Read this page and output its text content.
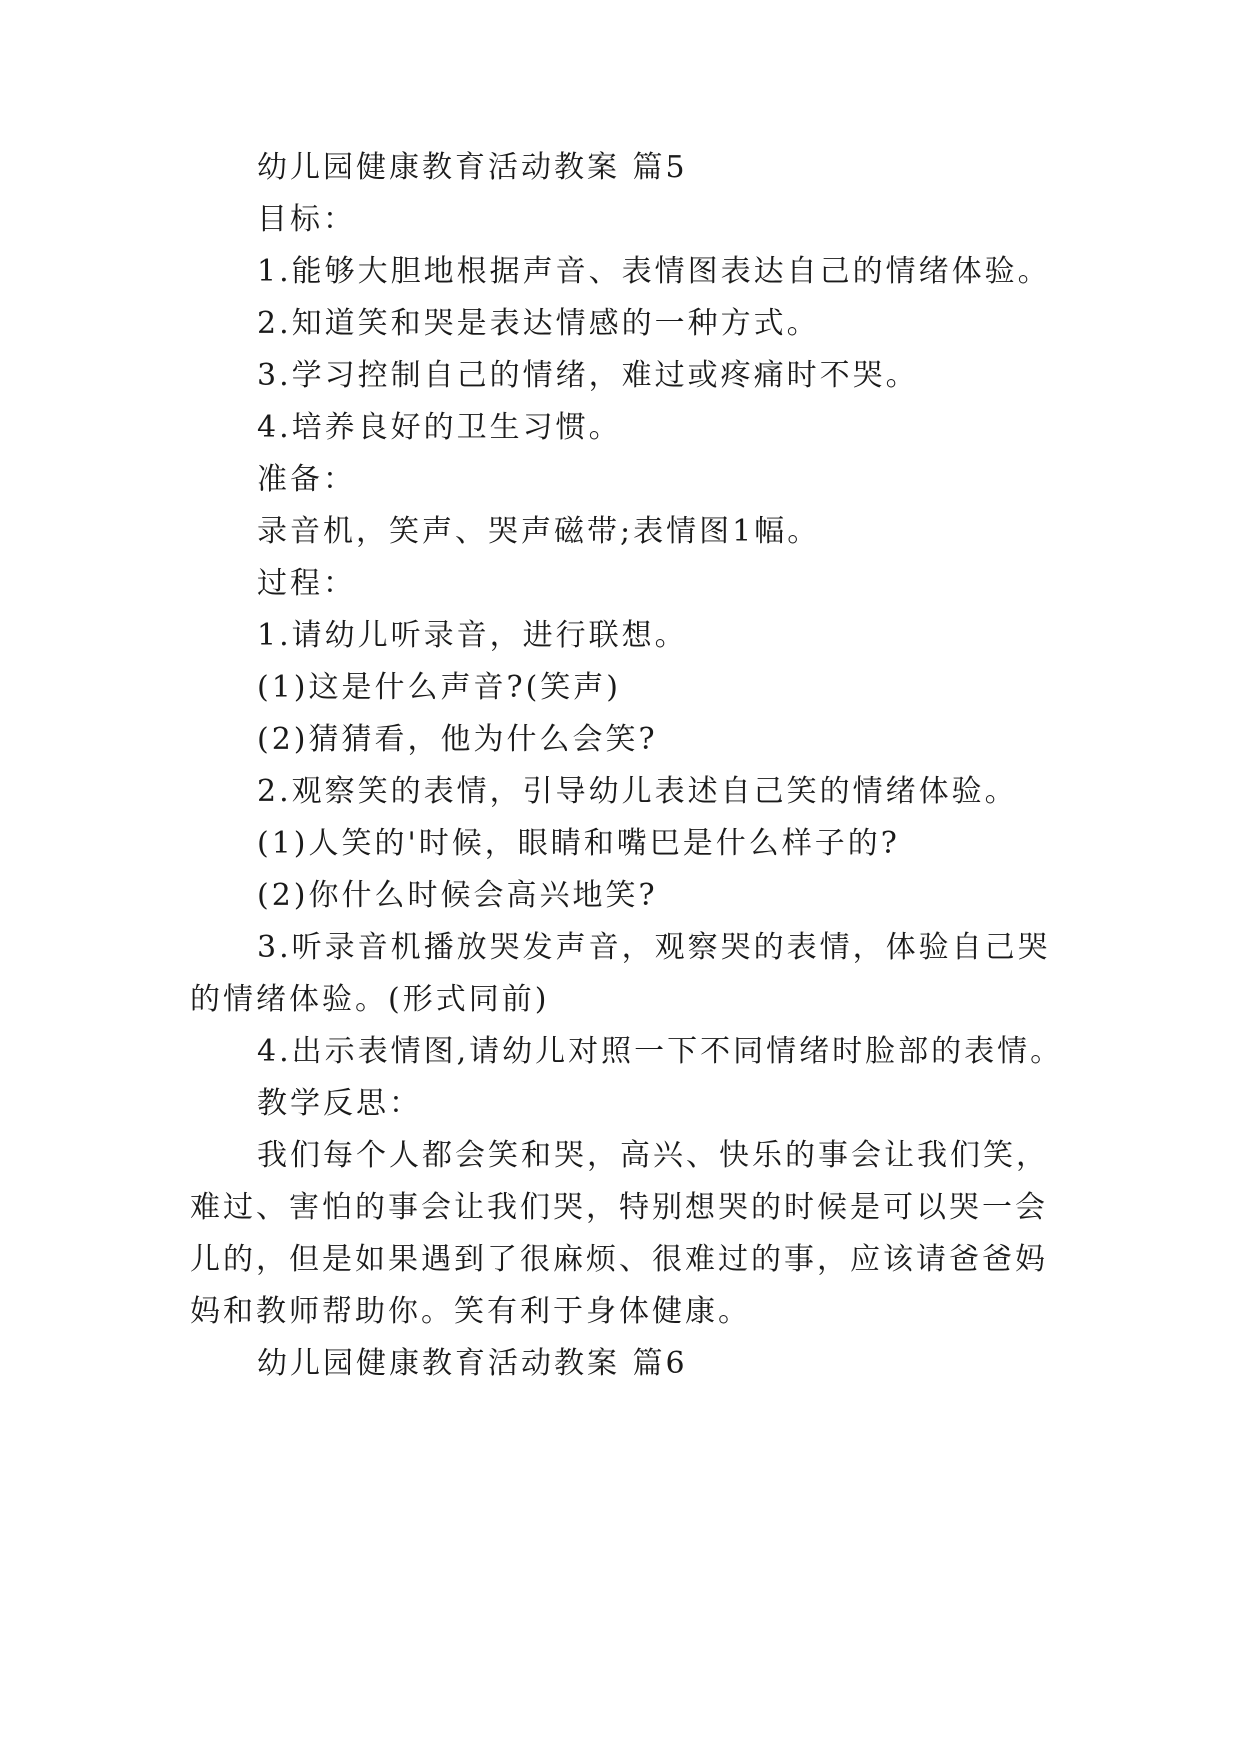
幼儿园健康教育活动教案 篇5

目标：

1.能够大胆地根据声音、表情图表达自己的情绪体验。

2.知道笑和哭是表达情感的一种方式。

3.学习控制自己的情绪，难过或疼痛时不哭。

4.培养良好的卫生习惯。

准备：

录音机，笑声、哭声磁带;表情图1幅。

过程：

1.请幼儿听录音，进行联想。

(1)这是什么声音?(笑声)

(2)猜猜看，他为什么会笑?

2.观察笑的表情，引导幼儿表述自己笑的情绪体验。

(1)人笑的'时候，眼睛和嘴巴是什么样子的?

(2)你什么时候会高兴地笑?

3.听录音机播放哭发声音，观察哭的表情，体验自己哭

的情绪体验。(形式同前)

4.出示表情图,请幼儿对照一下不同情绪时脸部的表情。

教学反思：

我们每个人都会笑和哭，高兴、快乐的事会让我们笑，

难过、害怕的事会让我们哭，特别想哭的时候是可以哭一会

儿的，但是如果遇到了很麻烦、很难过的事，应该请爸爸妈

妈和教师帮助你。笑有利于身体健康。

幼儿园健康教育活动教案 篇6
